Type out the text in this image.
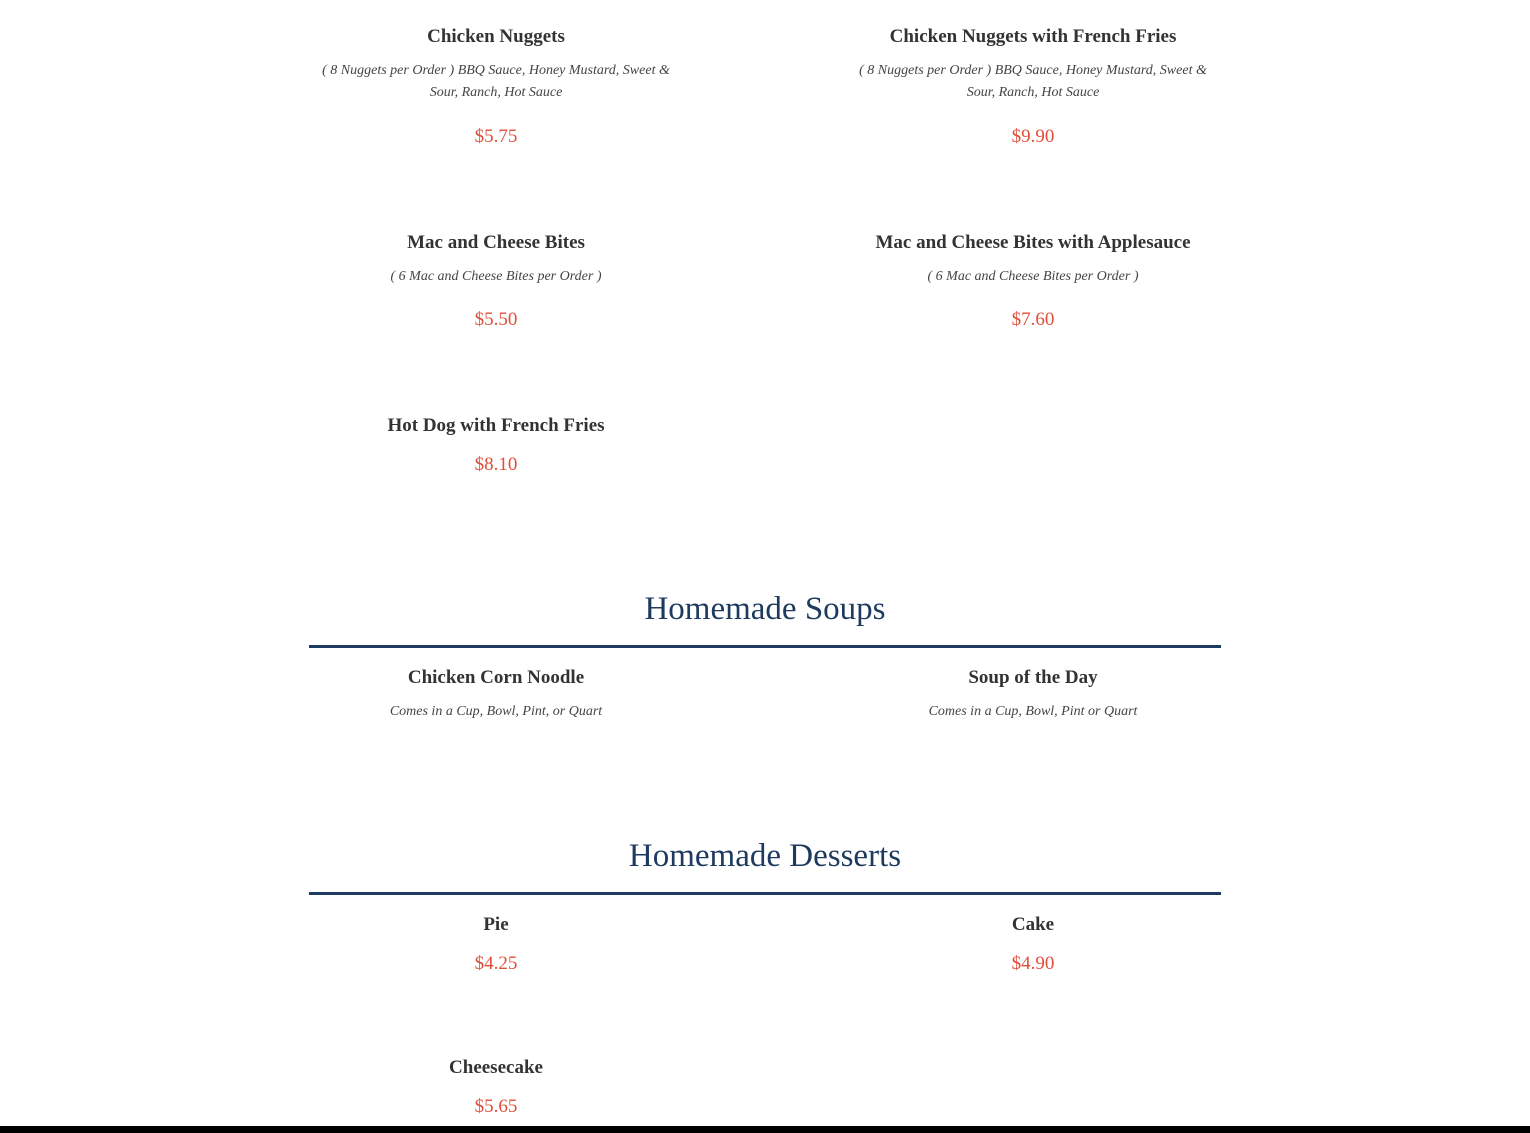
Chicken Nuggets
( 8 Nuggets per Order ) BBQ Sauce, Honey Mustard, Sweet & Sour, Ranch, Hot Sauce
$5.75
Chicken Nuggets with French Fries
( 8 Nuggets per Order ) BBQ Sauce, Honey Mustard, Sweet & Sour, Ranch, Hot Sauce
$9.90
Mac and Cheese Bites
( 6 Mac and Cheese Bites per Order )
$5.50
Mac and Cheese Bites with Applesauce
( 6 Mac and Cheese Bites per Order )
$7.60
Hot Dog with French Fries
$8.10
Homemade Soups
Chicken Corn Noodle
Comes in a Cup, Bowl, Pint, or Quart
Soup of the Day
Comes in a Cup, Bowl, Pint or Quart
Homemade Desserts
Pie
$4.25
Cake
$4.90
Cheesecake
$5.65
